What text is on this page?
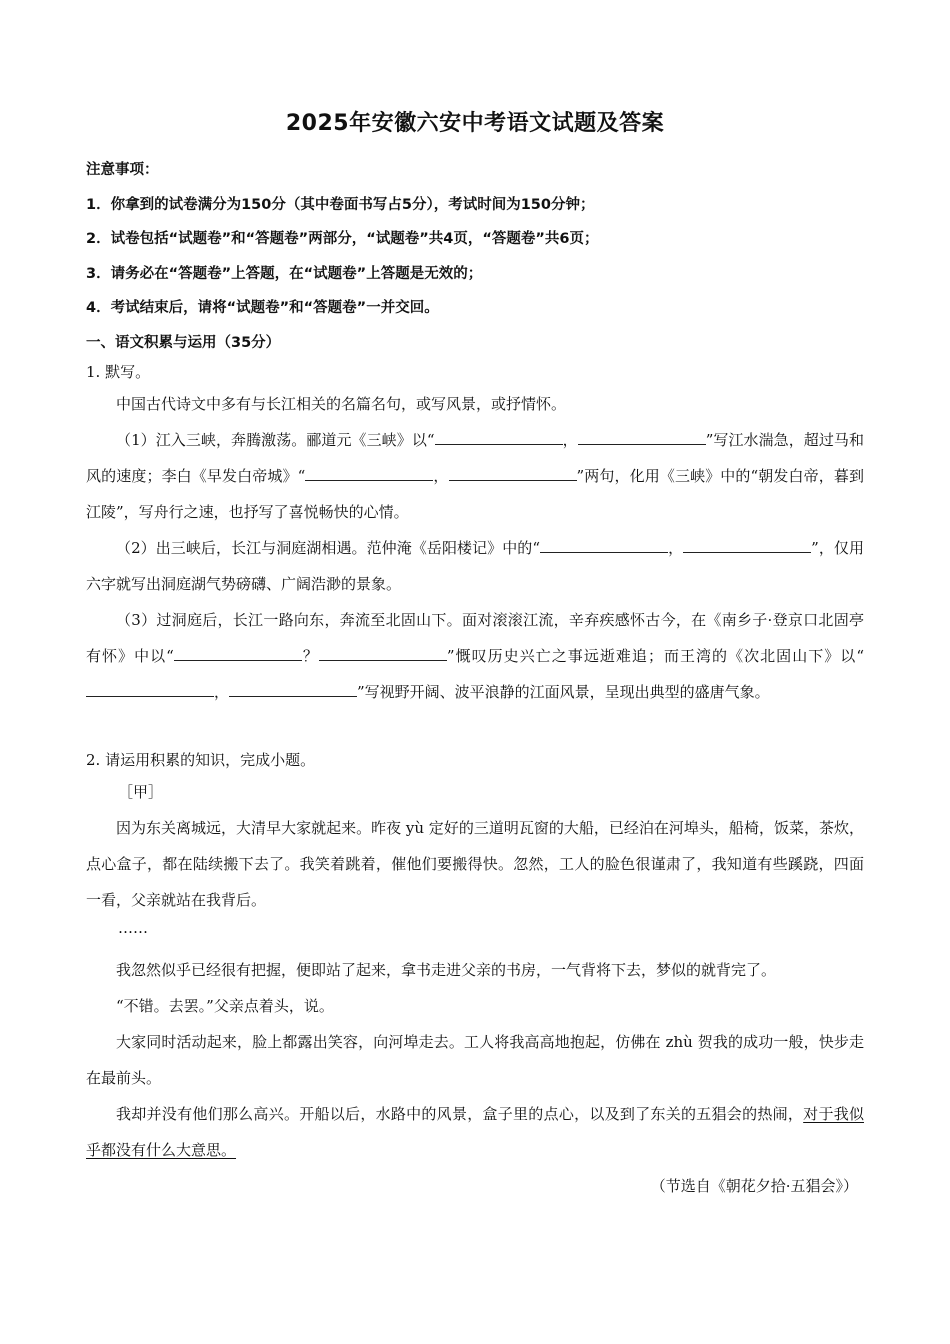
2025年安徽六安中考语文试题及答案
注意事项：
1．你拿到的试卷满分为150分（其中卷面书写占5分），考试时间为150分钟；
2．试卷包括“试题卷”和“答题卷”两部分，“试题卷”共4页，“答题卷”共6页；
3．请务必在“答题卷”上答题，在“试题卷”上答题是无效的；
4．考试结束后，请将“试题卷”和“答题卷”一并交回。
一、语文积累与运用（35分）
1. 默写。
中国古代诗文中多有与长江相关的名篇名句，或写风景，或抒情怀。
（1）江入三峡，奔腾激荡。郦道元《三峡》以“	，	”写江水湍急，超过马和风的速度；李白《早发白帝城》“	，	”两句，化用《三峡》中的“朝发白帝，暮到江陵”，写舟行之速，也抒写了喜悦畅快的心情。
（2）出三峡后，长江与洞庭湖相遇。范仲淹《岳阳楼记》中的“	，	”，仅用六字就写出洞庭湖气势磅礴、广阔浩渺的景象。
（3）过洞庭后，长江一路向东，奔流至北固山下。面对滚滚江流，辛弃疾感怀古今，在《南乡子·登京口北固亭有怀》中以“	？	”慨叹历史兴亡之事远逝难追；而王湾的《次北固山下》以“，	”写视野开阔、波平浪静的江面风景，呈现出典型的盛唐气象。
2. 请运用积累的知识，完成小题。
［甲］
因为东关离城远，大清早大家就起来。昨夜 yù 定好的三道明瓦窗的大船，已经泊在河埠头，船椅，饭菜，茶炊，点心盒子，都在陆续搬下去了。我笑着跳着，催他们要搬得快。忽然，工人的脸色很谨肃了，我知道有些蹊跷，四面一看，父亲就站在我背后。
……
我忽然似乎已经很有把握，便即站了起来，拿书走进父亲的书房，一气背将下去，梦似的就背完了。
“不错。去罢。”父亲点着头，说。
大家同时活动起来，脸上都露出笑容，向河埠走去。工人将我高高地抱起，仿佛在 zhù 贺我的成功一般，快步走在最前头。
我却并没有他们那么高兴。开船以后，水路中的风景，盒子里的点心，以及到了东关的五猖会的热闹，对于我似乎都没有什么大意思。
（节选自《朝花夕拾·五猖会》）
